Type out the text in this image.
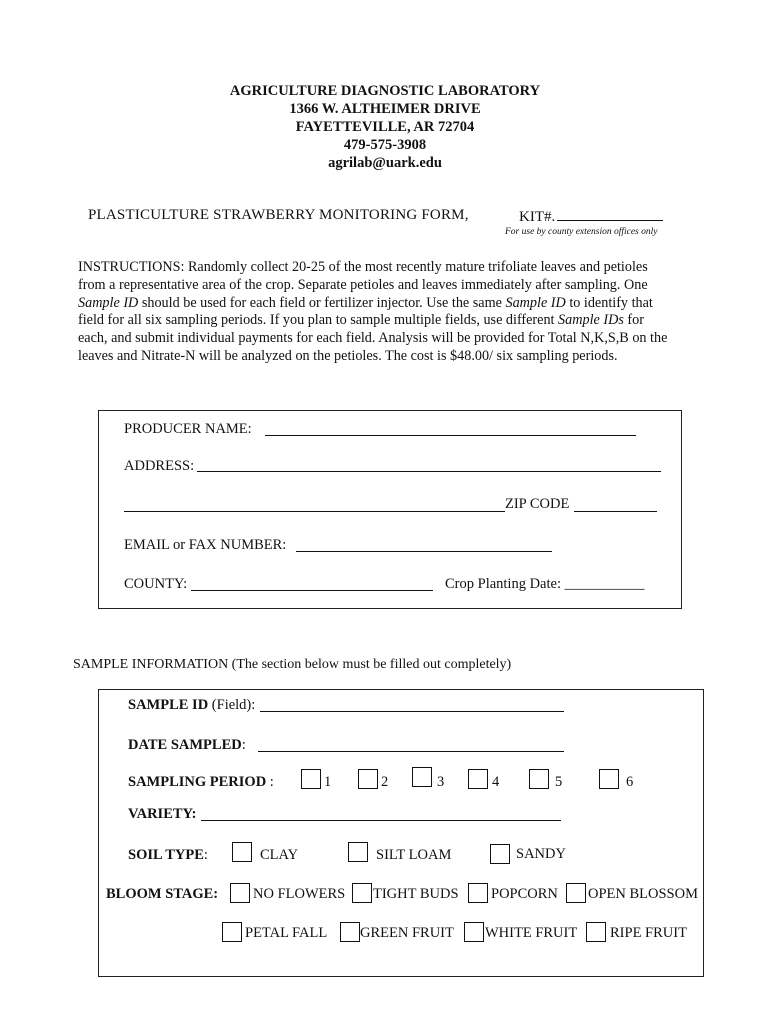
AGRICULTURE DIAGNOSTIC LABORATORY
1366 W. ALTHEIMER DRIVE
FAYETTEVILLE, AR 72704
479-575-3908
agrilab@uark.edu
PLASTICULTURE STRAWBERRY MONITORING FORM,	KIT#.
For use by county extension offices only
INSTRUCTIONS: Randomly collect 20-25 of the most recently mature trifoliate leaves and petioles from a representative area of the crop. Separate petioles and leaves immediately after sampling. One Sample ID should be used for each field or fertilizer injector. Use the same Sample ID to identify that field for all six sampling periods. If you plan to sample multiple fields, use different Sample IDs for each, and submit individual payments for each field. Analysis will be provided for Total N,K,S,B on the leaves and Nitrate-N will be analyzed on the petioles. The cost is $48.00/ six sampling periods.
PRODUCER NAME:
ADDRESS:
ZIP CODE
EMAIL or FAX NUMBER:
COUNTY:	Crop Planting Date: ___________
SAMPLE INFORMATION (The section below must be filled out completely)
SAMPLE ID (Field):
DATE SAMPLED:
SAMPLING PERIOD :	1	2	3	4	5	6
VARIETY:
SOIL TYPE:	CLAY	SILT LOAM	SANDY
BLOOM STAGE: NO FLOWERS TIGHT BUDS POPCORN OPEN BLOSSOM
PETAL FALL GREEN FRUIT WHITE FRUIT RIPE FRUIT
